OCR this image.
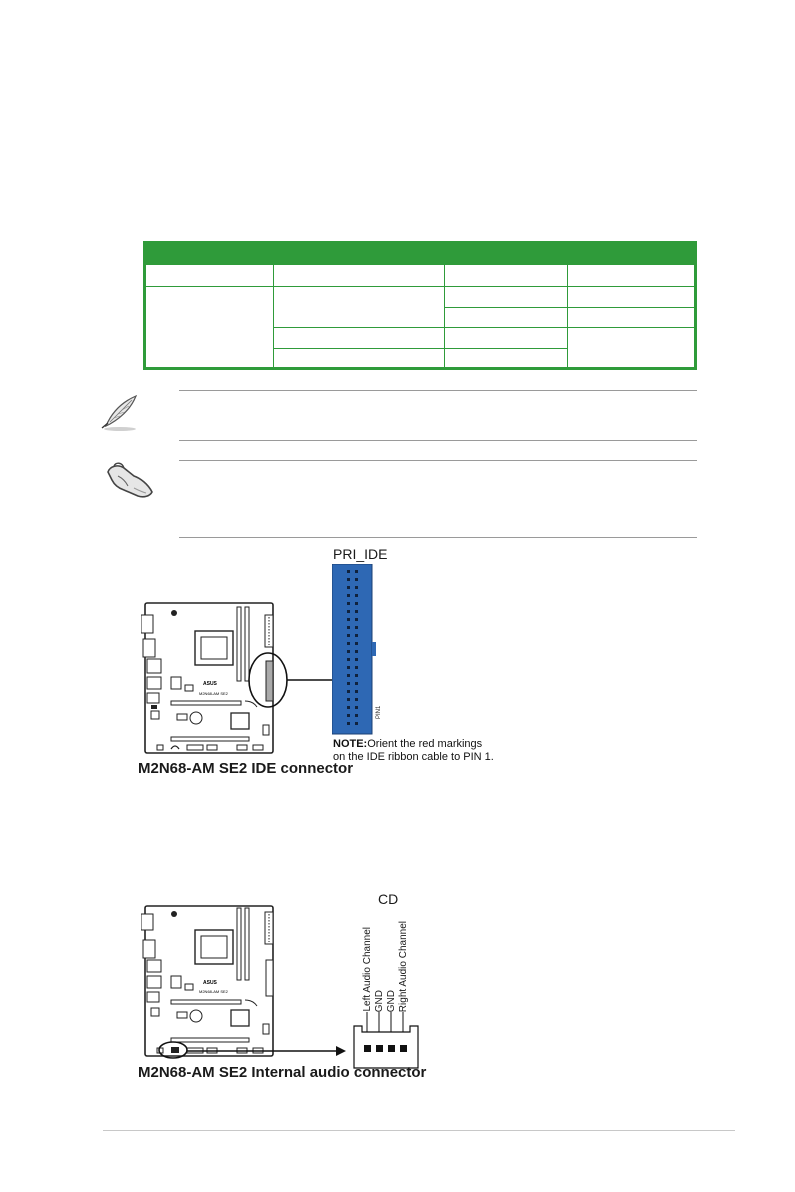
ASUS
M2N68-AM SE2
PRI_IDE
PIN1
NOTE:Orient the red markings
on the IDE ribbon cable to PIN 1.
M2N68-AM SE2 IDE connector
ASUS
M2N68-AM SE2
CD
Left Audio Channel GND GND Right Audio Channel
M2N68-AM SE2 Internal audio connector
